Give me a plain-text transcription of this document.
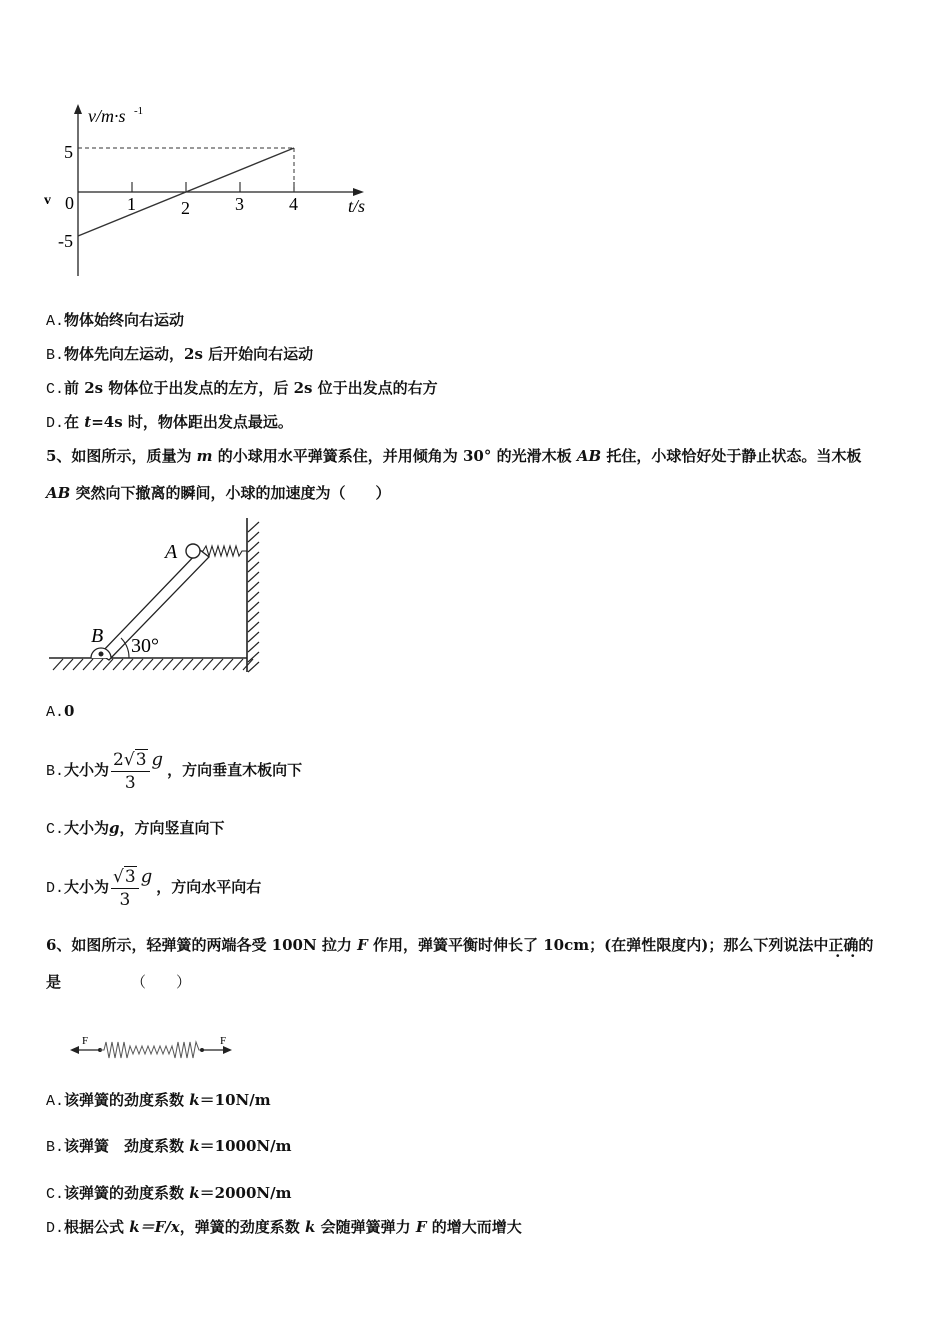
v/m·s -1
t/s
5
0
-5
v	1	2	3	4
A.物体始终向右运动
B.物体先向左运动，2s 后开始向右运动
C.前 2s 物体位于出发点的左方，后 2s 位于出发点的右方
D.在 t=4s 时，物体距出发点最远。
5、如图所示，质量为 m 的小球用水平弹簧系住，并用倾角为 30° 的光滑木板 AB 托住，小球恰好处于静止状态。当木板
AB 突然向下撤离的瞬间，小球的加速度为（　　）
A
B 30°
A.0
B.大小为 $\frac{2√3}{3}$ g ，方向垂直木板向下
C.大小为g，方向竖直向下
D.大小为 $\frac{√3}{3}$ g ，方向水平向右
6、如图所示，轻弹簧的两端各受 100N 拉力 F 作用，弹簧平衡时伸长了 10cm；(在弹性限度内)；那么下列说法中正确的
是	（　　）
F	F
A.该弹簧的劲度系数 k＝10N/m
B.该弹簧　劲度系数 k＝1000N/m
C.该弹簧的劲度系数 k＝2000N/m
D.根据公式 k＝F/x，弹簧的劲度系数 k 会随弹簧弹力 F 的增大而增大
